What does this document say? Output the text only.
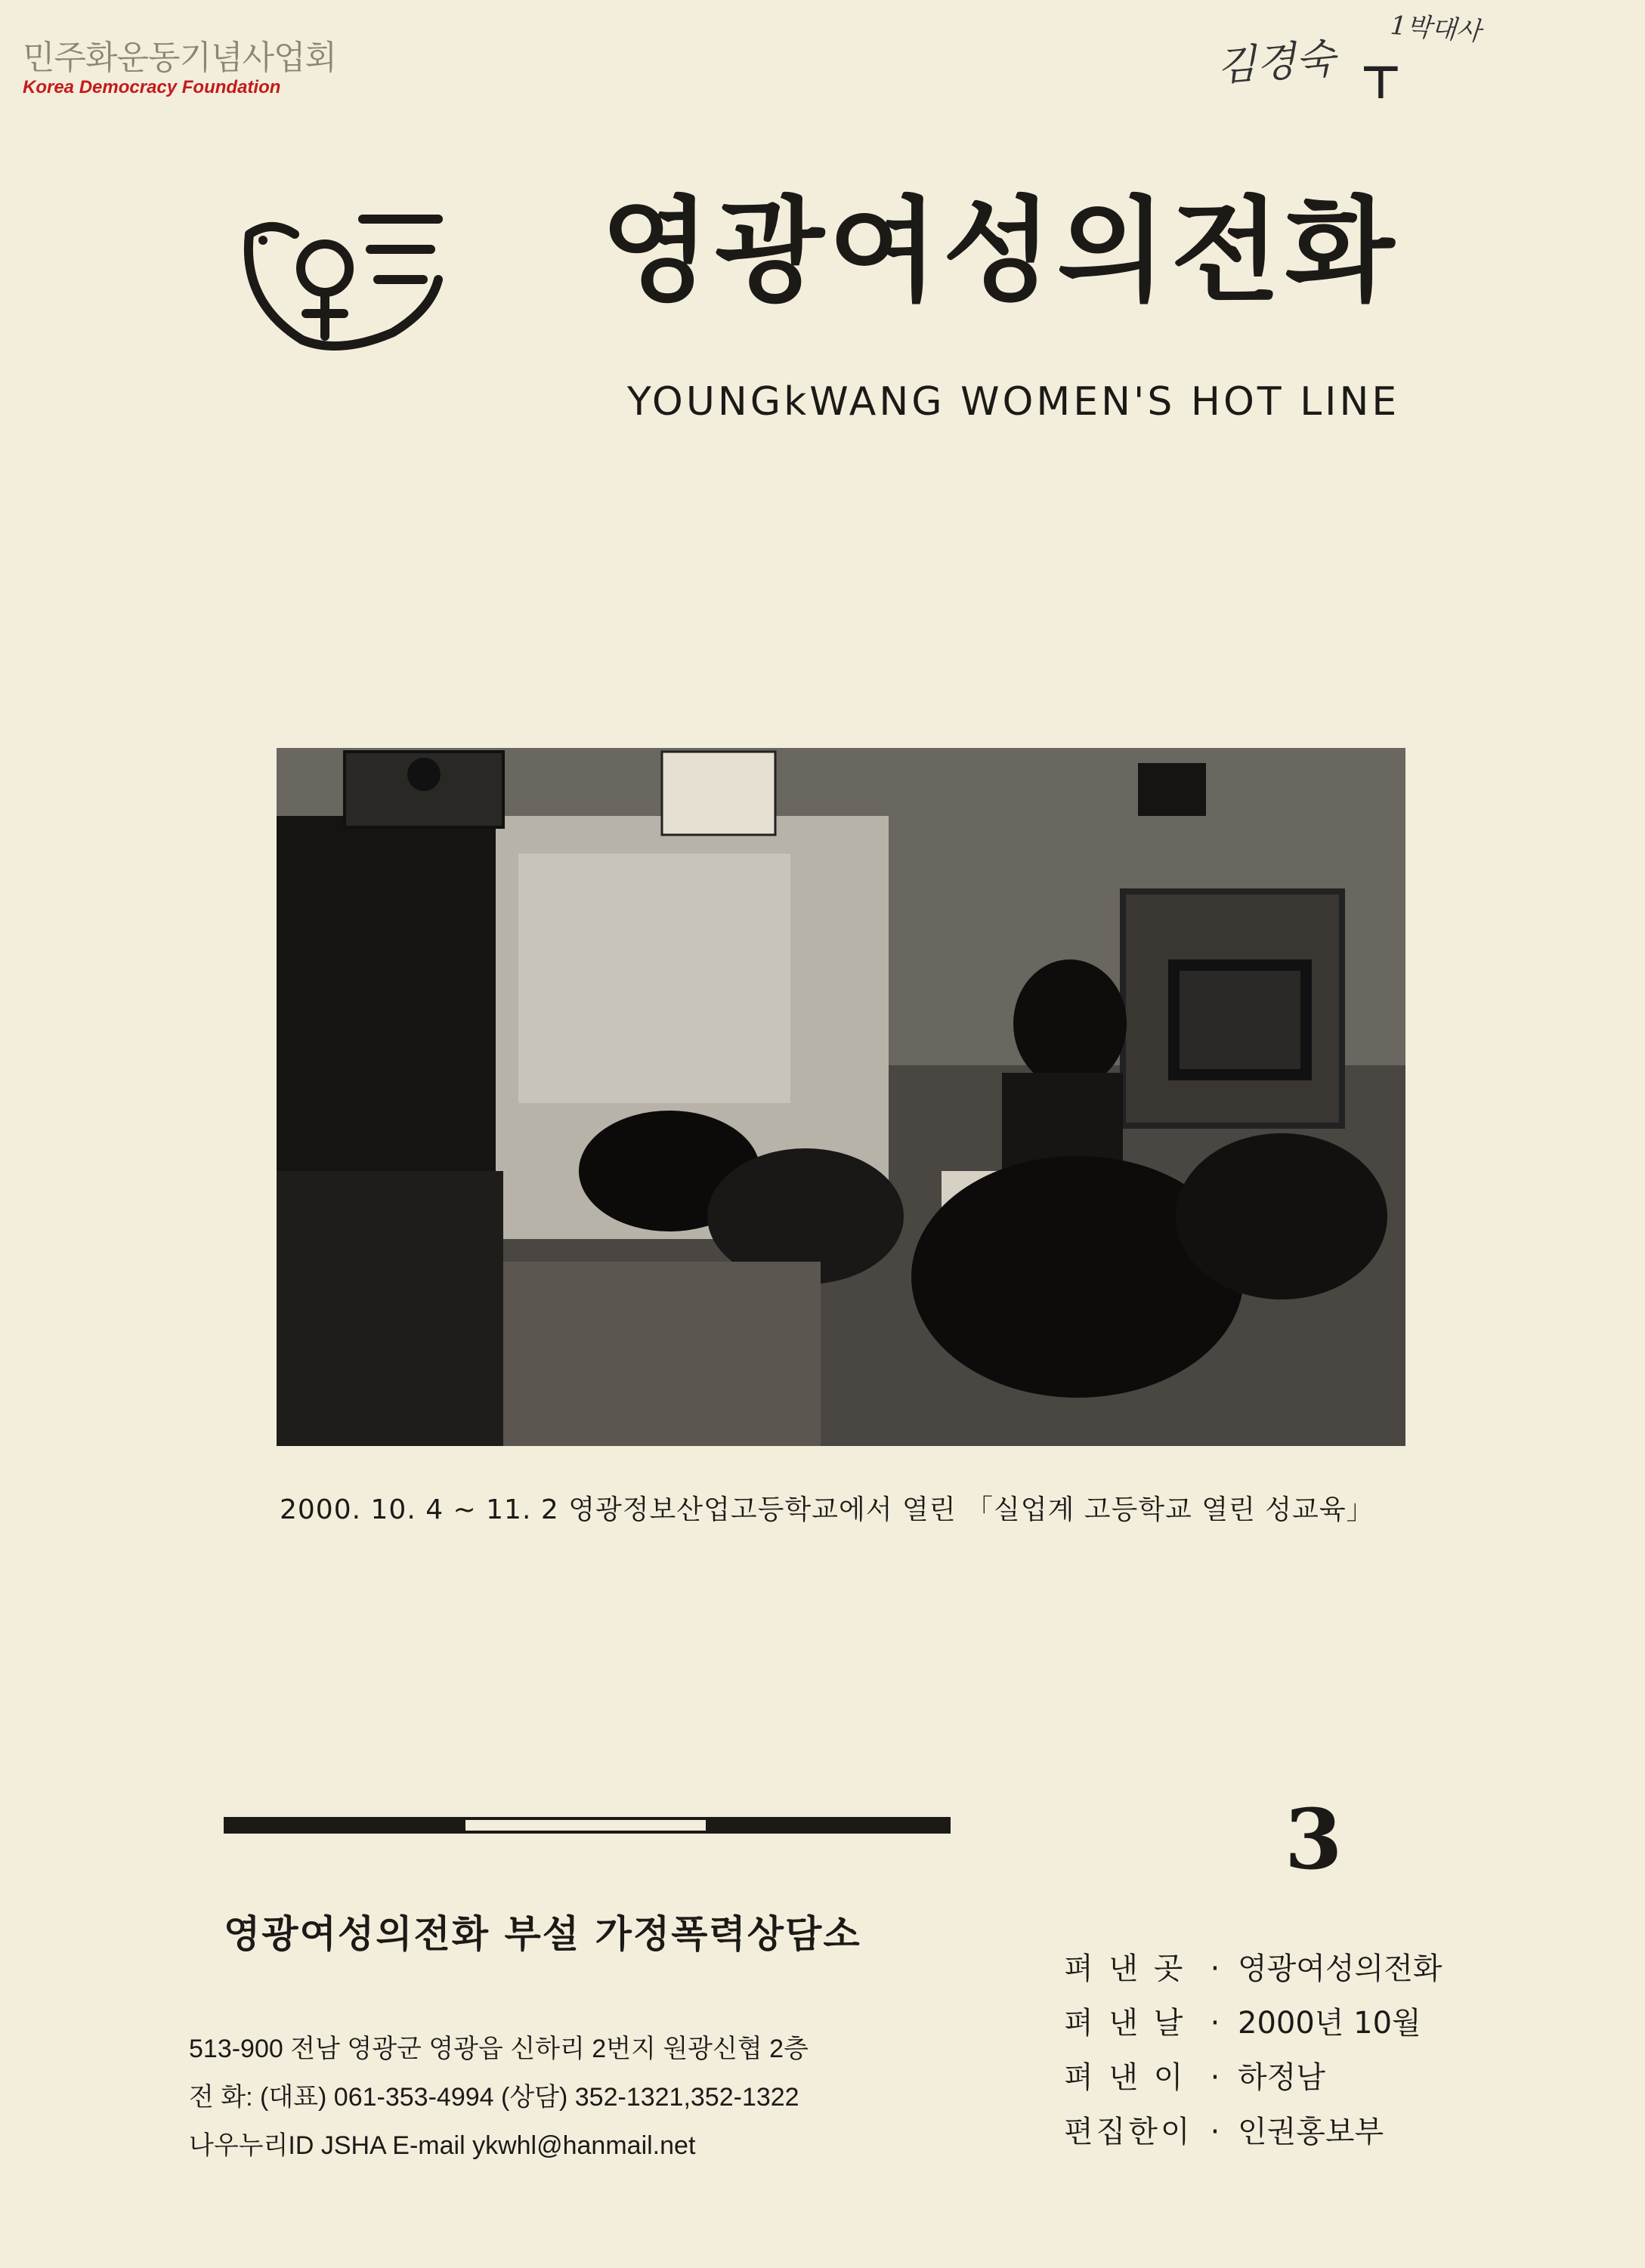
민주화운동기념사업회
Korea Democracy Foundation	김경숙
1박대사
⊤
영광여성의전화
YOUNGkWANG WOMEN'S HOT LINE
2000. 10. 4 ~ 11. 2 영광정보산업고등학교에서 열린 「실업계 고등학교 열린 성교육」
3
영광여성의전화 부설 가정폭력상담소
513-900 전남 영광군 영광읍 신하리 2번지 원광신협 2층
전 화: (대표) 061-353-4994 (상담) 352-1321,352-1322
나우누리ID JSHA E-mail ykwhl@hanmail.net
펴 낸 곳 · 영광여성의전화
펴 낸 날 · 2000년 10월
펴 낸 이 · 하정남
편집한이 · 인권홍보부
